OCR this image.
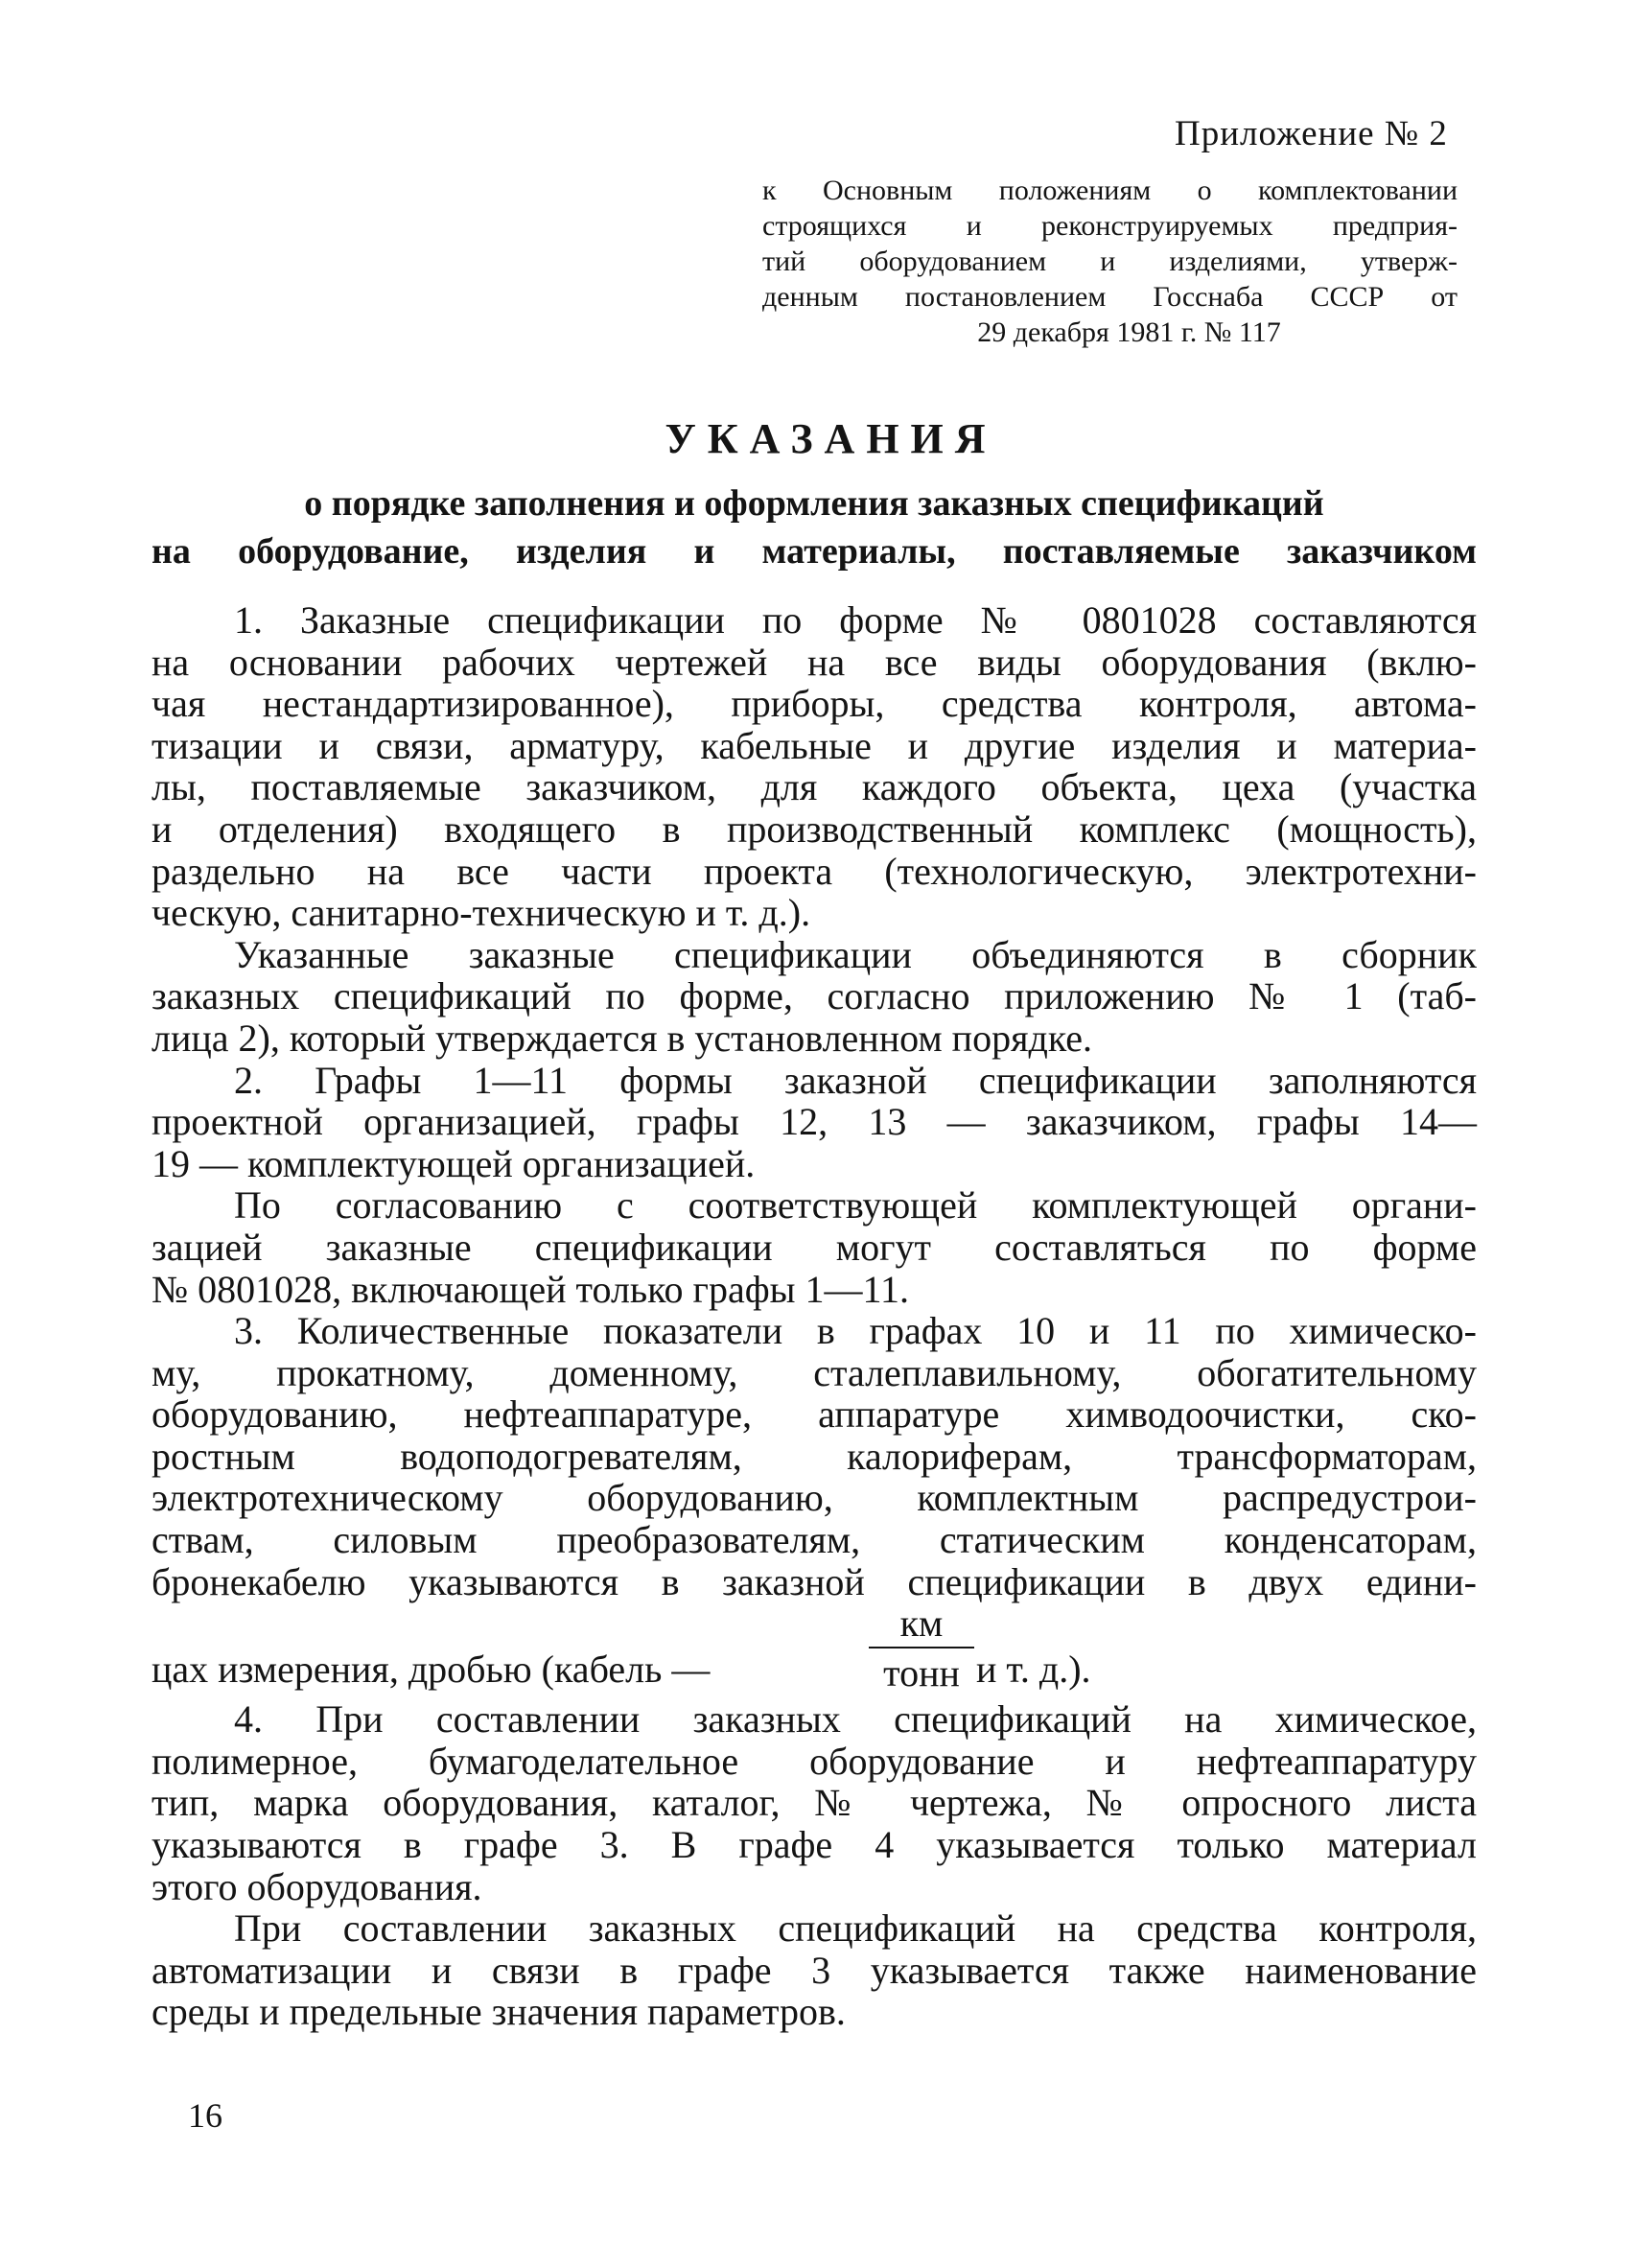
Приложение № 2
к Основным положениям о комплектовании
строящихся и реконструируемых предприя-
тий оборудованием и изделиями, утверж-
денным постановлением Госснаба СССР от
29 декабря 1981 г. № 117
УКАЗАНИЯ
о порядке заполнения и оформления заказных спецификаций
на оборудование, изделия и материалы, поставляемые заказчиком
1. Заказные спецификации по форме № 0801028 составляются
на основании рабочих чертежей на все виды оборудования (вклю-
чая нестандартизированное), приборы, средства контроля, автома-
тизации и связи, арматуру, кабельные и другие изделия и материа-
лы, поставляемые заказчиком, для каждого объекта, цеха (участка
и отделения) входящего в производственный комплекс (мощность),
раздельно на все части проекта (технологическую, электротехни-
ческую, санитарно-техническую и т. д.).
Указанные заказные спецификации объединяются в сборник
заказных спецификаций по форме, согласно приложению № 1 (таб-
лица 2), который утверждается в установленном порядке.
2. Графы 1—11 формы заказной спецификации заполняются
проектной организацией, графы 12, 13 — заказчиком, графы 14—
19 — комплектующей организацией.
По согласованию с соответствующей комплектующей органи-
зацией заказные спецификации могут составляться по форме
№ 0801028, включающей только графы 1—11.
3. Количественные показатели в графах 10 и 11 по химическо-
му, прокатному, доменному, сталеплавильному, обогатительному
оборудованию, нефтеаппаратуре, аппаратуре химводоочистки, ско-
ростным водоподогревателям, калориферам, трансформаторам,
электротехническому оборудованию, комплектным распредустрои-
ствам, силовым преобразователям, статическим конденсаторам,
бронекабелю указываются в заказной спецификации в двух едини-
цах измерения, дробью (кабель —
км
тонн и т. д.).
4. При составлении заказных спецификаций на химическое,
полимерное, бумагоделательное оборудование и нефтеаппаратуру
тип, марка оборудования, каталог, № чертежа, № опросного листа
указываются в графе 3. В графе 4 указывается только материал
этого оборудования.
При составлении заказных спецификаций на средства контроля,
автоматизации и связи в графе 3 указывается также наименование
среды и предельные значения параметров.
16
